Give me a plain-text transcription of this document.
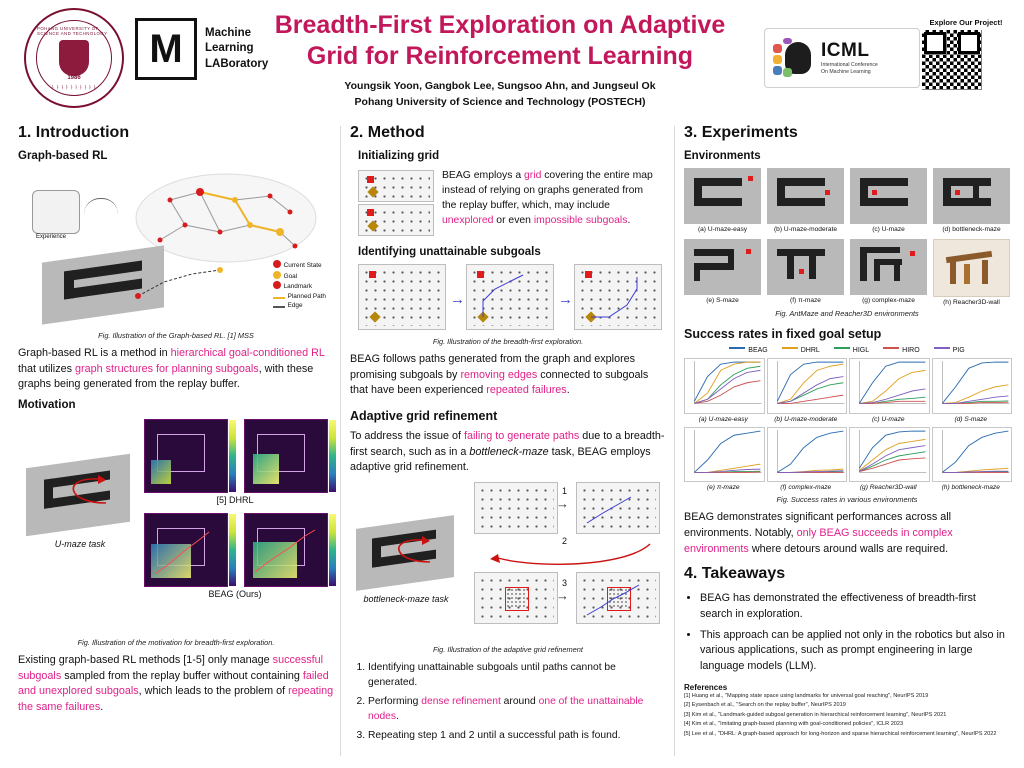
POHANG UNIVERSITY OF SCIENCE AND TECHNOLOGY
1986
ㅏㅏㅏㅏㅏㅏㅏㅏㅏㅏ
M	Machine
Learning
LABoratory
Breadth-First Exploration on Adaptive
Grid for Reinforcement Learning
Youngsik Yoon, Gangbok Lee, Sungsoo Ahn, and Jungseul Ok
Pohang University of Science and Technology (POSTECH)
ICML
International Conference
On Machine Learning
Explore Our Project!
1. Introduction
Graph-based RL
Experience
Current State
Goal
Landmark
Planned Path
Edge
Fig. Illustration of the Graph-based RL. [1] MSS

Graph-based RL is a method in hierarchical goal-conditioned RL that utilizes graph structures for planning subgoals, with these graphs being generated from the replay buffer.

Motivation
U-maze task
[5] DHRL
BEAG (Ours)
Fig. Illustration of the motivation for breadth-first exploration.

Existing graph-based RL methods [1-5] only manage successful subgoals sampled from the replay buffer without containing failed and unexplored subgoals, which leads to the problem of repeating the same failures.

2. Method
Initializing grid

BEAG employs a grid covering the entire map instead of relying on graphs generated from the replay buffer, which, may include unexplored or even impossible subgoals.

Identifying unattainable subgoals
→	→
Fig. Illustration of the breadth-first exploration.

BEAG follows paths generated from the graph and explores promising subgoals by removing edges connected to subgoals that have been experienced repeated failures.

Adaptive grid refinement

To address the issue of failing to generate paths due to a breadth-first search, such as in a bottleneck-maze task, BEAG employs adaptive grid refinement.

bottleneck-maze task
1
→
2
3
→
Fig. Illustration of the adaptive grid refinement
1. Identifying unattainable subgoals until paths cannot be generated.
2. Performing dense refinement around one of the unattainable nodes.
3. Repeating step 1 and 2 until a successful path is found.
3. Experiments
Environments
(a) U-maze-easy	(b) U-maze-moderate	(c) U-maze	(d) bottleneck-maze
(e) S-maze	(f) π-maze	(g) complex-maze	(h) Reacher3D-wall
Fig. AntMaze and Reacher3D environments
Success rates in fixed goal setup
BEAG	DHRL	HIGL	HIRO	PIG
(a) U-maze-easy	(b) U-maze-moderate	(c) U-maze	(d) S-maze
(e) π-maze	(f) complex-maze	(g) Reacher3D-wall	(h) bottleneck-maze
Fig. Success rates in various environments

BEAG demonstrates significant performances across all environments. Notably, only BEAG succeeds in complex environments where detours around walls are required.

4. Takeaways
• BEAG has demonstrated the effectiveness of breadth-first search in exploration.
• This approach can be applied not only in the robotics but also in various applications, such as prompt engineering in large language models (LLM).
References
[1] Huang et al., "Mapping state space using landmarks for universal goal reaching", NeurIPS 2019
[2] Eysenbach et al., "Search on the replay buffer", NeurIPS 2019
[3] Kim et al., "Landmark-guided subgoal generation in hierarchical reinforcement learning", NeurIPS 2021
[4] Kim et al., "Imitating graph-based planning with goal-conditioned policies", ICLR 2023
[5] Lee et al., "DHRL: A graph-based approach for long-horizon and sparse hierarchical reinforcement learning", NeurIPS 2022
